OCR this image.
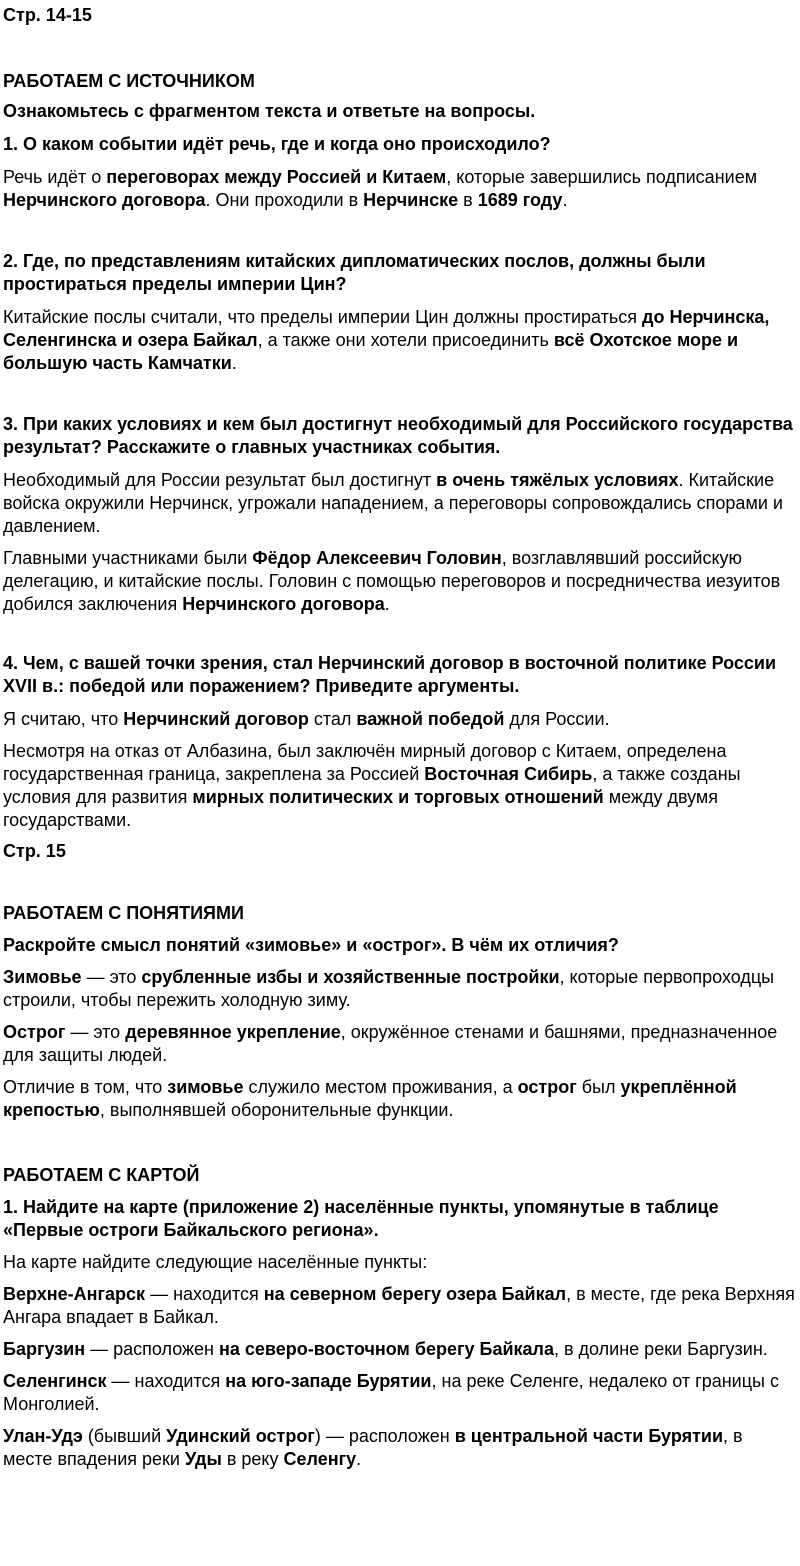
Стр. 14-15
РАБОТАЕМ С ИСТОЧНИКОМ
Ознакомьтесь с фрагментом текста и ответьте на вопросы.
1. О каком событии идёт речь, где и когда оно происходило?
Речь идёт о переговорах между Россией и Китаем, которые завершились подписанием Нерчинского договора. Они проходили в Нерчинске в 1689 году.
2. Где, по представлениям китайских дипломатических послов, должны были простираться пределы империи Цин?
Китайские послы считали, что пределы империи Цин должны простираться до Нерчинска, Селенгинска и озера Байкал, а также они хотели присоединить всё Охотское море и большую часть Камчатки.
3. При каких условиях и кем был достигнут необходимый для Российского государства результат? Расскажите о главных участниках события.
Необходимый для России результат был достигнут в очень тяжёлых условиях. Китайские войска окружили Нерчинск, угрожали нападением, а переговоры сопровождались спорами и давлением.
Главными участниками были Фёдор Алексеевич Головин, возглавлявший российскую делегацию, и китайские послы. Головин с помощью переговоров и посредничества иезуитов добился заключения Нерчинского договора.
4. Чем, с вашей точки зрения, стал Нерчинский договор в восточной политике России XVII в.: победой или поражением? Приведите аргументы.
Я считаю, что Нерчинский договор стал важной победой для России.
Несмотря на отказ от Албазина, был заключён мирный договор с Китаем, определена государственная граница, закреплена за Россией Восточная Сибирь, а также созданы условия для развития мирных политических и торговых отношений между двумя государствами.
Стр. 15
РАБОТАЕМ С ПОНЯТИЯМИ
Раскройте смысл понятий «зимовье» и «острог». В чём их отличия?
Зимовье — это срубленные избы и хозяйственные постройки, которые первопроходцы строили, чтобы пережить холодную зиму.
Острог — это деревянное укрепление, окружённое стенами и башнями, предназначенное для защиты людей.
Отличие в том, что зимовье служило местом проживания, а острог был укреплённой крепостью, выполнявшей оборонительные функции.
РАБОТАЕМ С КАРТОЙ
1. Найдите на карте (приложение 2) населённые пункты, упомянутые в таблице «Первые остроги Байкальского региона».
На карте найдите следующие населённые пункты:
Верхне-Ангарск — находится на северном берегу озера Байкал, в месте, где река Верхняя Ангара впадает в Байкал.
Баргузин — расположен на северо-восточном берегу Байкала, в долине реки Баргузин.
Селенгинск — находится на юго-западе Бурятии, на реке Селенге, недалеко от границы с Монголией.
Улан-Удэ (бывший Удинский острог) — расположен в центральной части Бурятии, в месте впадения реки Уды в реку Селенгу.
